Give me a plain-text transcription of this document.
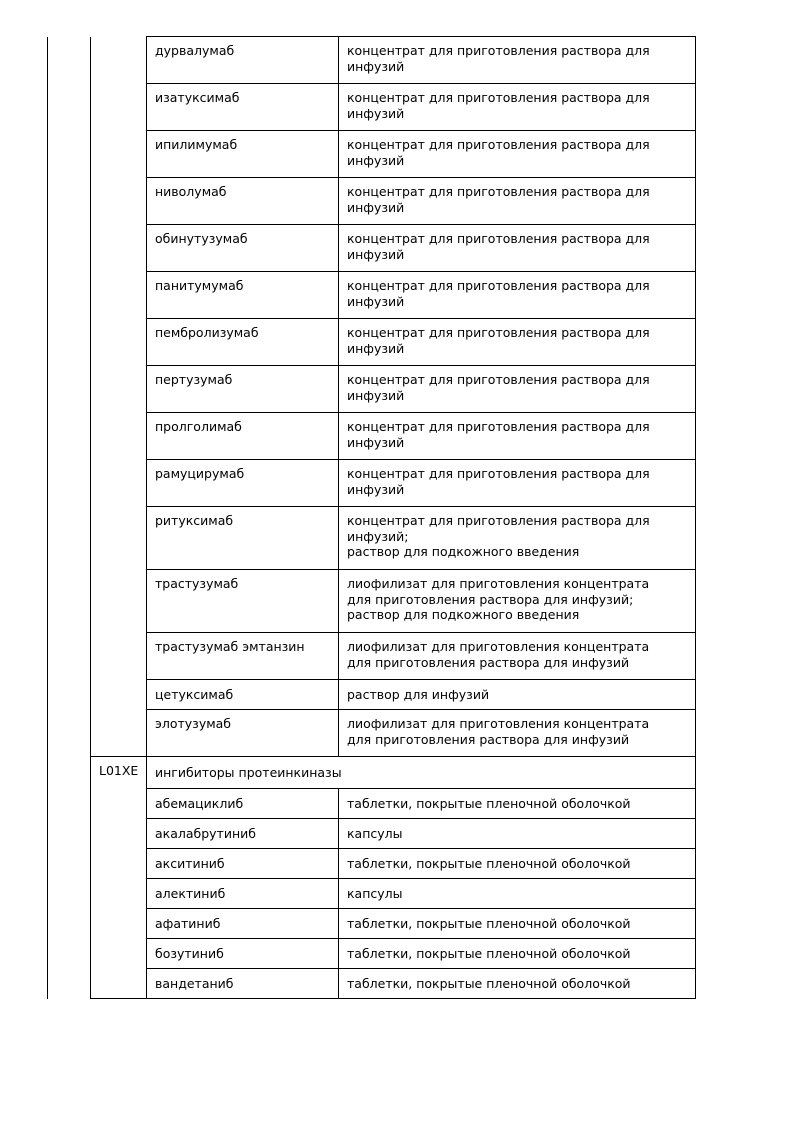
		дурвалумаб	концентрат для приготовления раствора для
инфузий
		изатуксимаб	концентрат для приготовления раствора для
инфузий
		ипилимумаб	концентрат для приготовления раствора для
инфузий
		ниволумаб	концентрат для приготовления раствора для
инфузий
		обинутузумаб	концентрат для приготовления раствора для
инфузий
		панитумумаб	концентрат для приготовления раствора для
инфузий
		пембролизумаб	концентрат для приготовления раствора для
инфузий
		пертузумаб	концентрат для приготовления раствора для
инфузий
		пролголимаб	концентрат для приготовления раствора для
инфузий
		рамуцирумаб	концентрат для приготовления раствора для
инфузий
		ритуксимаб	концентрат для приготовления раствора для
инфузий;
раствор для подкожного введения
		трастузумаб	лиофилизат для приготовления концентрата
для приготовления раствора для инфузий;
раствор для подкожного введения
		трастузумаб эмтанзин	лиофилизат для приготовления концентрата
для приготовления раствора для инфузий
		цетуксимаб	раствор для инфузий
		элотузумаб	лиофилизат для приготовления концентрата
для приготовления раствора для инфузий
	L01XE	ингибиторы протеинкиназы	
		абемациклиб	таблетки, покрытые пленочной оболочкой
		акалабрутиниб	капсулы
		акситиниб	таблетки, покрытые пленочной оболочкой
		алектиниб	капсулы
		афатиниб	таблетки, покрытые пленочной оболочкой
		бозутиниб	таблетки, покрытые пленочной оболочкой
		вандетаниб	таблетки, покрытые пленочной оболочкой
